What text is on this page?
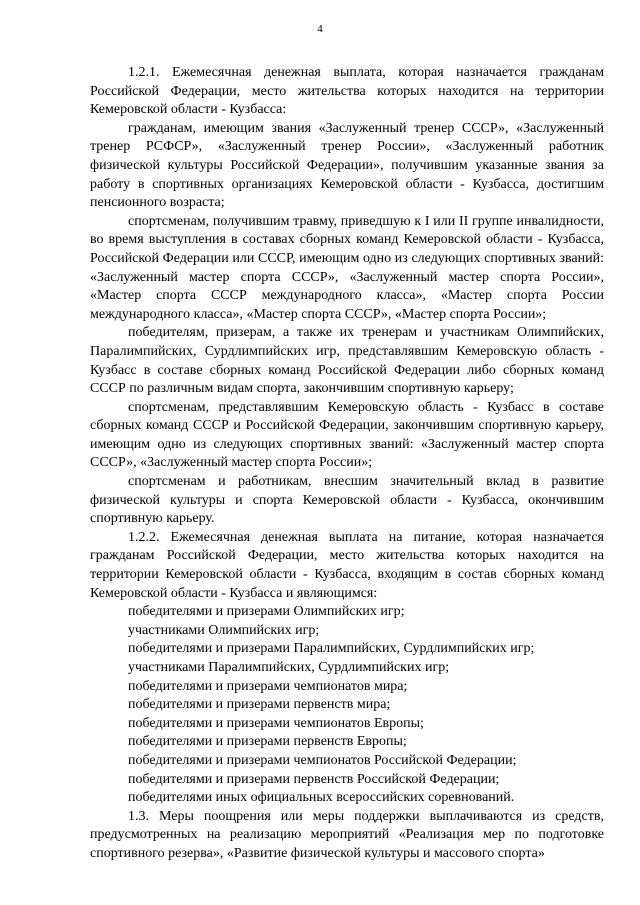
4

1.2.1. Ежемесячная денежная выплата, которая назначается гражданам Российской Федерации, место жительства которых находится на территории Кемеровской области - Кузбасса:

гражданам, имеющим звания «Заслуженный тренер СССР», «Заслуженный тренер РСФСР», «Заслуженный тренер России», «Заслуженный работник физической культуры Российской Федерации», получившим указанные звания за работу в спортивных организациях Кемеровской области - Кузбасса, достигшим пенсионного возраста;

спортсменам, получившим травму, приведшую к I или II группе инвалидности, во время выступления в составах сборных команд Кемеровской области - Кузбасса, Российской Федерации или СССР, имеющим одно из следующих спортивных званий: «Заслуженный мастер спорта СССР», «Заслуженный мастер спорта России», «Мастер спорта СССР международного класса», «Мастер спорта России международного класса», «Мастер спорта СССР», «Мастер спорта России»;

победителям, призерам, а также их тренерам и участникам Олимпийских, Паралимпийских, Сурдлимпийских игр, представлявшим Кемеровскую область - Кузбасс в составе сборных команд Российской Федерации либо сборных команд СССР по различным видам спорта, закончившим спортивную карьеру;

спортсменам, представлявшим Кемеровскую область - Кузбасс в составе сборных команд СССР и Российской Федерации, закончившим спортивную карьеру, имеющим одно из следующих спортивных званий: «Заслуженный мастер спорта СССР», «Заслуженный мастер спорта России»;

спортсменам и работникам, внесшим значительный вклад в развитие физической культуры и спорта Кемеровской области - Кузбасса, окончившим спортивную карьеру.

1.2.2. Ежемесячная денежная выплата на питание, которая назначается гражданам Российской Федерации, место жительства которых находится на территории Кемеровской области - Кузбасса, входящим в состав сборных команд Кемеровской области - Кузбасса и являющимся:

победителями и призерами Олимпийских игр;

участниками Олимпийских игр;

победителями и призерами Паралимпийских, Сурдлимпийских игр;

участниками Паралимпийских, Сурдлимпийских игр;

победителями и призерами чемпионатов мира;

победителями и призерами первенств мира;

победителями и призерами чемпионатов Европы;

победителями и призерами первенств Европы;

победителями и призерами чемпионатов Российской Федерации;

победителями и призерами первенств Российской Федерации;

победителями иных официальных всероссийских соревнований.

1.3. Меры поощрения или меры поддержки выплачиваются из средств, предусмотренных на реализацию мероприятий «Реализация мер по подготовке спортивного резерва», «Развитие физической культуры и массового спорта»
